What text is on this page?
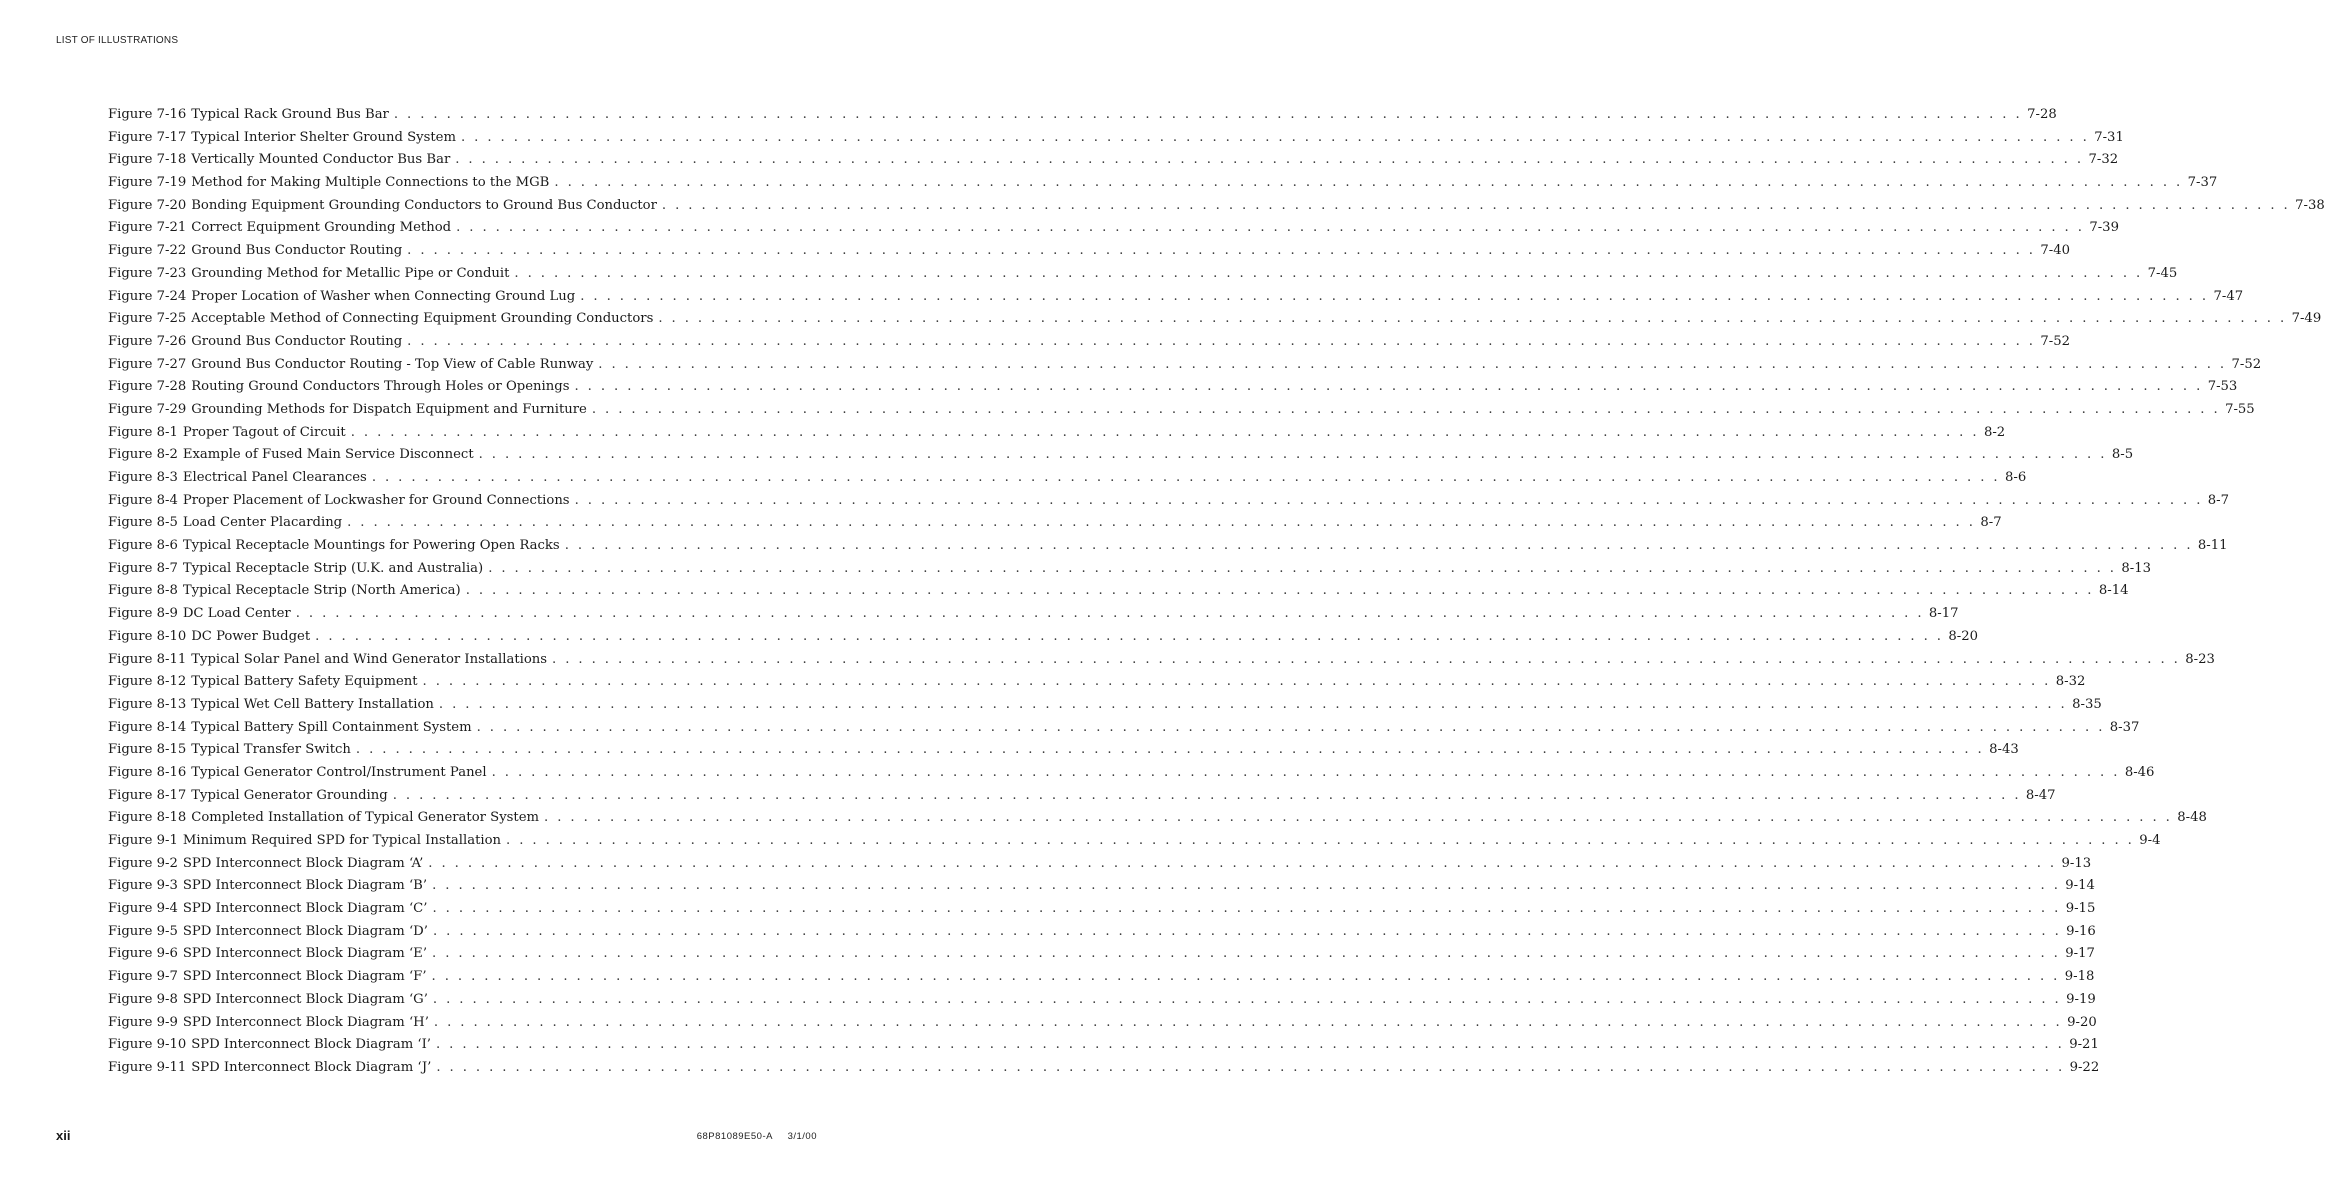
LIST OF ILLUSTRATIONS
Figure 7-16 Typical Rack Ground Bus Bar . . .	7-28
Figure 7-17 Typical Interior Shelter Ground System . . .	7-31
Figure 7-18 Vertically Mounted Conductor Bus Bar . . .	7-32
Figure 7-19 Method for Making Multiple Connections to the MGB . . .	7-37
Figure 7-20 Bonding Equipment Grounding Conductors to Ground Bus Conductor . . .	7-38
Figure 7-21 Correct Equipment Grounding Method . . .	7-39
Figure 7-22 Ground Bus Conductor Routing . . .	7-40
Figure 7-23 Grounding Method for Metallic Pipe or Conduit . . .	7-45
Figure 7-24 Proper Location of Washer when Connecting Ground Lug . . .	7-47
Figure 7-25 Acceptable Method of Connecting Equipment Grounding Conductors . . .	7-49
Figure 7-26 Ground Bus Conductor Routing . . .	7-52
Figure 7-27 Ground Bus Conductor Routing - Top View of Cable Runway . . .	7-52
Figure 7-28 Routing Ground Conductors Through Holes or Openings . . .	7-53
Figure 7-29 Grounding Methods for Dispatch Equipment and Furniture . . .	7-55
Figure 8-1 Proper Tagout of Circuit . . .	8-2
Figure 8-2 Example of Fused Main Service Disconnect . . .	8-5
Figure 8-3 Electrical Panel Clearances . . .	8-6
Figure 8-4 Proper Placement of Lockwasher for Ground Connections . . .	8-7
Figure 8-5 Load Center Placarding . . .	8-7
Figure 8-6 Typical Receptacle Mountings for Powering Open Racks . . .	8-11
Figure 8-7 Typical Receptacle Strip (U.K. and Australia) . . .	8-13
Figure 8-8 Typical Receptacle Strip (North America) . . .	8-14
Figure 8-9 DC Load Center . . .	8-17
Figure 8-10 DC Power Budget . . .	8-20
Figure 8-11 Typical Solar Panel and Wind Generator Installations . . .	8-23
Figure 8-12 Typical Battery Safety Equipment . . .	8-32
Figure 8-13 Typical Wet Cell Battery Installation . . .	8-35
Figure 8-14 Typical Battery Spill Containment System . . .	8-37
Figure 8-15 Typical Transfer Switch . . .	8-43
Figure 8-16 Typical Generator Control/Instrument Panel . . .	8-46
Figure 8-17 Typical Generator Grounding . . .	8-47
Figure 8-18 Completed Installation of Typical Generator System . . .	8-48
Figure 9-1 Minimum Required SPD for Typical Installation . . .	9-4
Figure 9-2 SPD Interconnect Block Diagram ‘A’ . . .	9-13
Figure 9-3 SPD Interconnect Block Diagram ‘B’ . . .	9-14
Figure 9-4 SPD Interconnect Block Diagram ‘C’ . . .	9-15
Figure 9-5 SPD Interconnect Block Diagram ‘D’ . . .	9-16
Figure 9-6 SPD Interconnect Block Diagram ‘E’ . . .	9-17
Figure 9-7 SPD Interconnect Block Diagram ‘F’ . . .	9-18
Figure 9-8 SPD Interconnect Block Diagram ‘G’ . . .	9-19
Figure 9-9 SPD Interconnect Block Diagram ‘H’ . . .	9-20
Figure 9-10 SPD Interconnect Block Diagram ‘I’ . . .	9-21
Figure 9-11 SPD Interconnect Block Diagram ‘J’ . . .	9-22
xii	68P81089E50-A 3/1/00
